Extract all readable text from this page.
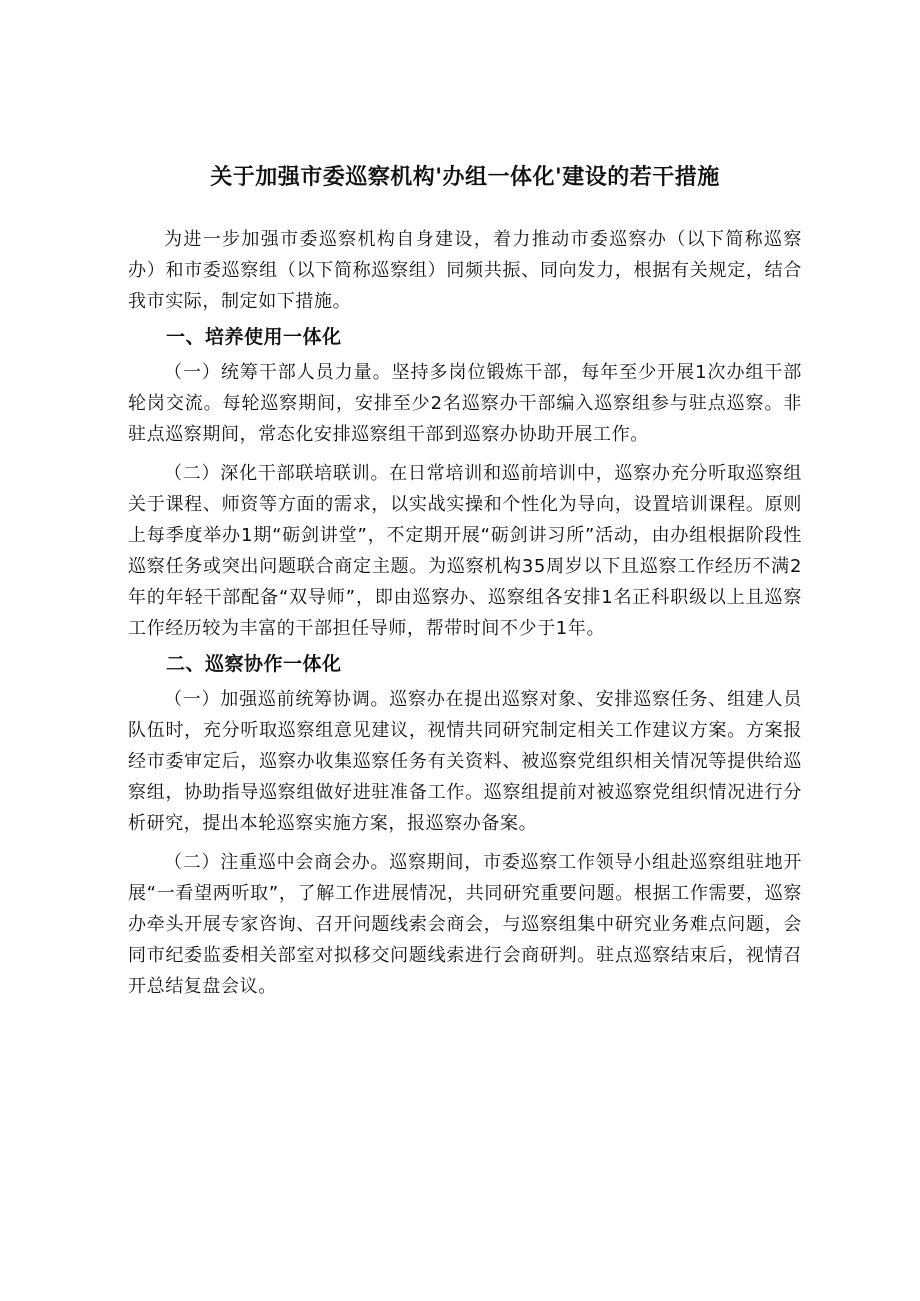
关于加强市委巡察机构'办组一体化'建设的若干措施

为进一步加强市委巡察机构自身建设，着力推动市委巡察办（以下简称巡察办）和市委巡察组（以下简称巡察组）同频共振、同向发力，根据有关规定，结合我市实际，制定如下措施。

一、培养使用一体化

（一）统筹干部人员力量。坚持多岗位锻炼干部，每年至少开展1次办组干部轮岗交流。每轮巡察期间，安排至少2名巡察办干部编入巡察组参与驻点巡察。非驻点巡察期间，常态化安排巡察组干部到巡察办协助开展工作。

（二）深化干部联培联训。在日常培训和巡前培训中，巡察办充分听取巡察组关于课程、师资等方面的需求，以实战实操和个性化为导向，设置培训课程。原则上每季度举办1期“砺剑讲堂”，不定期开展“砺剑讲习所”活动，由办组根据阶段性巡察任务或突出问题联合商定主题。为巡察机构35周岁以下且巡察工作经历不满2年的年轻干部配备“双导师”，即由巡察办、巡察组各安排1名正科职级以上且巡察工作经历较为丰富的干部担任导师，帮带时间不少于1年。

二、巡察协作一体化

（一）加强巡前统筹协调。巡察办在提出巡察对象、安排巡察任务、组建人员队伍时，充分听取巡察组意见建议，视情共同研究制定相关工作建议方案。方案报经市委审定后，巡察办收集巡察任务有关资料、被巡察党组织相关情况等提供给巡察组，协助指导巡察组做好进驻准备工作。巡察组提前对被巡察党组织情况进行分析研究，提出本轮巡察实施方案，报巡察办备案。

（二）注重巡中会商会办。巡察期间，市委巡察工作领导小组赴巡察组驻地开展“一看望两听取”，了解工作进展情况，共同研究重要问题。根据工作需要，巡察办牵头开展专家咨询、召开问题线索会商会，与巡察组集中研究业务难点问题，会同市纪委监委相关部室对拟移交问题线索进行会商研判。驻点巡察结束后，视情召开总结复盘会议。
